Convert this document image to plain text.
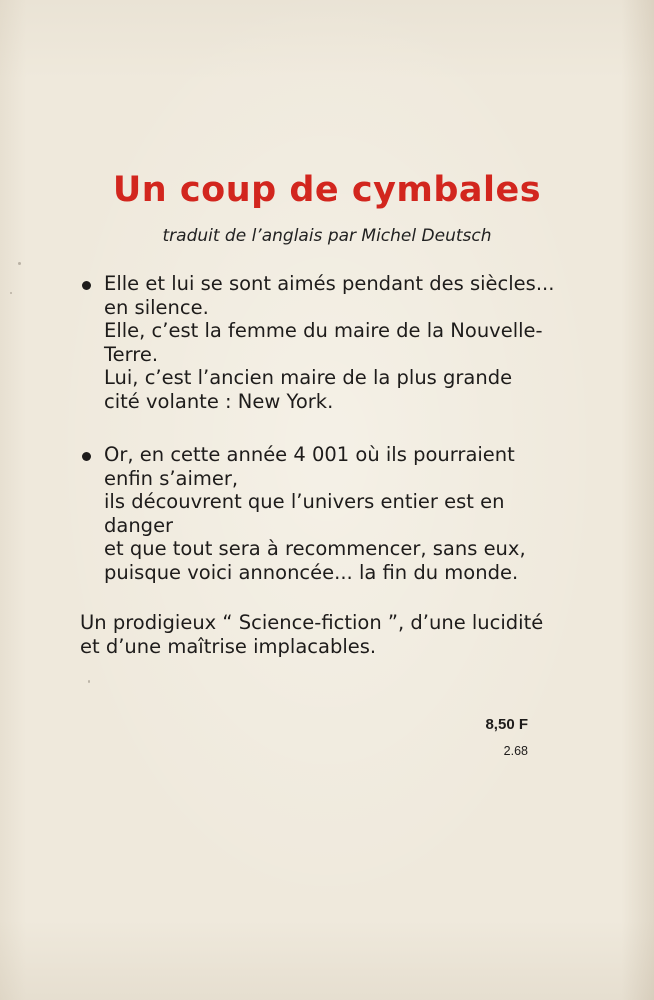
Un coup de cymbales
traduit de l’anglais par Michel Deutsch
Elle et lui se sont aimés pendant des siècles...
en silence.
Elle, c’est la femme du maire de la Nouvelle-
Terre.
Lui, c’est l’ancien maire de la plus grande
cité volante : New York.
Or, en cette année 4 001 où ils pourraient
enfin s’aimer,
ils découvrent que l’univers entier est en
danger
et que tout sera à recommencer, sans eux,
puisque voici annoncée... la fin du monde.
Un prodigieux “ Science-fiction ”, d’une lucidité
et d’une maîtrise implacables.
8,50 F
2.68
